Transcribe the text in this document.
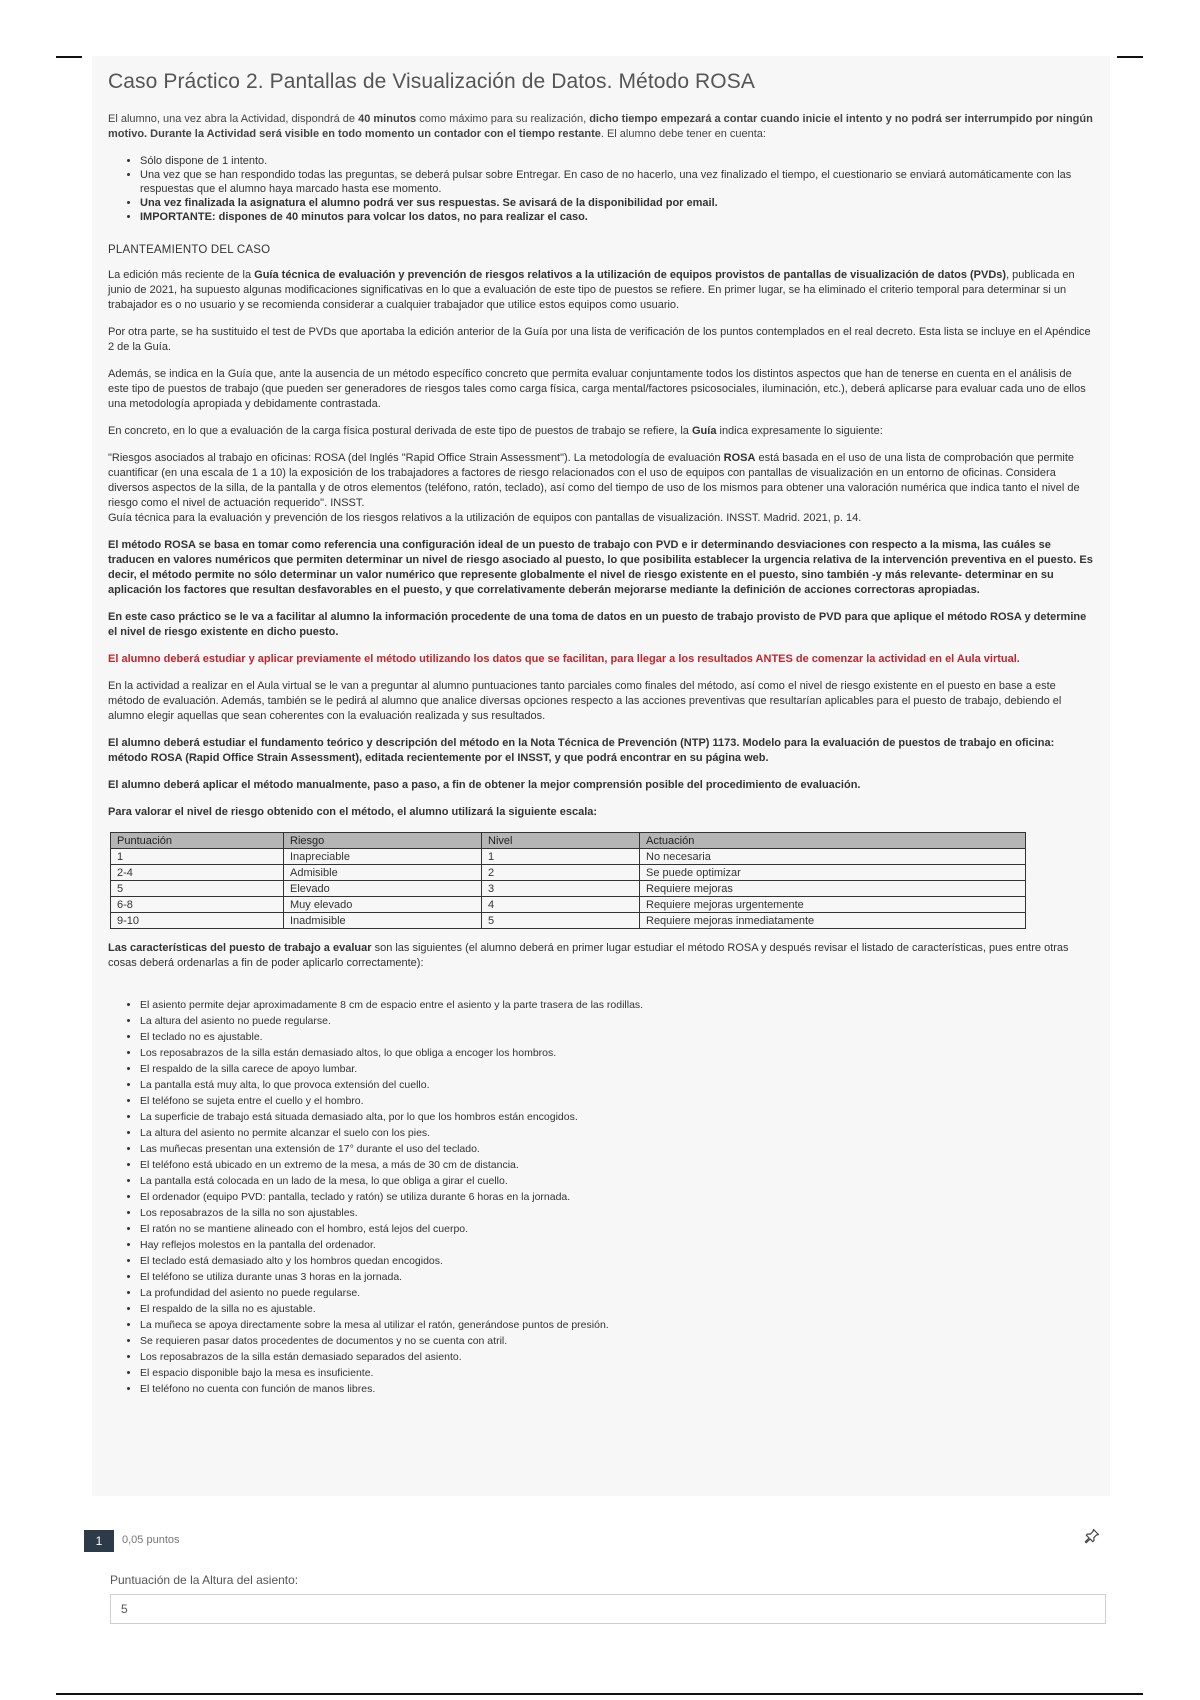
Caso Práctico 2. Pantallas de Visualización de Datos. Método ROSA

El alumno, una vez abra la Actividad, dispondrá de 40 minutos como máximo para su realización, dicho tiempo empezará a contar cuando inicie el intento y no podrá ser interrumpido por ningún motivo. Durante la Actividad será visible en todo momento un contador con el tiempo restante. El alumno debe tener en cuenta:

• Sólo dispone de 1 intento.
• Una vez que se han respondido todas las preguntas, se deberá pulsar sobre Entregar. En caso de no hacerlo, una vez finalizado el tiempo, el cuestionario se enviará automáticamente con las respuestas que el alumno haya marcado hasta ese momento.
• Una vez finalizada la asignatura el alumno podrá ver sus respuestas. Se avisará de la disponibilidad por email.
• IMPORTANTE: dispones de 40 minutos para volcar los datos, no para realizar el caso.
PLANTEAMIENTO DEL CASO

La edición más reciente de la Guía técnica de evaluación y prevención de riesgos relativos a la utilización de equipos provistos de pantallas de visualización de datos (PVDs), publicada en junio de 2021, ha supuesto algunas modificaciones significativas en lo que a evaluación de este tipo de puestos se refiere. En primer lugar, se ha eliminado el criterio temporal para determinar si un trabajador es o no usuario y se recomienda considerar a cualquier trabajador que utilice estos equipos como usuario.

Por otra parte, se ha sustituido el test de PVDs que aportaba la edición anterior de la Guía por una lista de verificación de los puntos contemplados en el real decreto. Esta lista se incluye en el Apéndice 2 de la Guía.

Además, se indica en la Guía que, ante la ausencia de un método específico concreto que permita evaluar conjuntamente todos los distintos aspectos que han de tenerse en cuenta en el análisis de este tipo de puestos de trabajo (que pueden ser generadores de riesgos tales como carga física, carga mental/factores psicosociales, iluminación, etc.), deberá aplicarse para evaluar cada uno de ellos una metodología apropiada y debidamente contrastada.

En concreto, en lo que a evaluación de la carga física postural derivada de este tipo de puestos de trabajo se refiere, la Guía indica expresamente lo siguiente:

"Riesgos asociados al trabajo en oficinas: ROSA (del Inglés "Rapid Office Strain Assessment"). La metodología de evaluación ROSA está basada en el uso de una lista de comprobación que permite cuantificar (en una escala de 1 a 10) la exposición de los trabajadores a factores de riesgo relacionados con el uso de equipos con pantallas de visualización en un entorno de oficinas. Considera diversos aspectos de la silla, de la pantalla y de otros elementos (teléfono, ratón, teclado), así como del tiempo de uso de los mismos para obtener una valoración numérica que indica tanto el nivel de riesgo como el nivel de actuación requerido". INSST.
Guía técnica para la evaluación y prevención de los riesgos relativos a la utilización de equipos con pantallas de visualización. INSST. Madrid. 2021, p. 14.

El método ROSA se basa en tomar como referencia una configuración ideal de un puesto de trabajo con PVD e ir determinando desviaciones con respecto a la misma, las cuáles se traducen en valores numéricos que permiten determinar un nivel de riesgo asociado al puesto, lo que posibilita establecer la urgencia relativa de la intervención preventiva en el puesto. Es decir, el método permite no sólo determinar un valor numérico que represente globalmente el nivel de riesgo existente en el puesto, sino también -y más relevante- determinar en su aplicación los factores que resultan desfavorables en el puesto, y que correlativamente deberán mejorarse mediante la definición de acciones correctoras apropiadas.

En este caso práctico se le va a facilitar al alumno la información procedente de una toma de datos en un puesto de trabajo provisto de PVD para que aplique el método ROSA y determine el nivel de riesgo existente en dicho puesto.

El alumno deberá estudiar y aplicar previamente el método utilizando los datos que se facilitan, para llegar a los resultados ANTES de comenzar la actividad en el Aula virtual.

En la actividad a realizar en el Aula virtual se le van a preguntar al alumno puntuaciones tanto parciales como finales del método, así como el nivel de riesgo existente en el puesto en base a este método de evaluación. Además, también se le pedirá al alumno que analice diversas opciones respecto a las acciones preventivas que resultarían aplicables para el puesto de trabajo, debiendo el alumno elegir aquellas que sean coherentes con la evaluación realizada y sus resultados.

El alumno deberá estudiar el fundamento teórico y descripción del método en la Nota Técnica de Prevención (NTP) 1173. Modelo para la evaluación de puestos de trabajo en oficina: método ROSA (Rapid Office Strain Assessment), editada recientemente por el INSST, y que podrá encontrar en su página web.

El alumno deberá aplicar el método manualmente, paso a paso, a fin de obtener la mejor comprensión posible del procedimiento de evaluación.

Para valorar el nivel de riesgo obtenido con el método, el alumno utilizará la siguiente escala:

Puntuación	Riesgo	Nivel	Actuación
1	Inapreciable	1	No necesaria
2-4	Admisible	2	Se puede optimizar
5	Elevado	3	Requiere mejoras
6-8	Muy elevado	4	Requiere mejoras urgentemente
9-10	Inadmisible	5	Requiere mejoras inmediatamente

Las características del puesto de trabajo a evaluar son las siguientes (el alumno deberá en primer lugar estudiar el método ROSA y después revisar el listado de características, pues entre otras cosas deberá ordenarlas a fin de poder aplicarlo correctamente):

• El asiento permite dejar aproximadamente 8 cm de espacio entre el asiento y la parte trasera de las rodillas.
• La altura del asiento no puede regularse.
• El teclado no es ajustable.
• Los reposabrazos de la silla están demasiado altos, lo que obliga a encoger los hombros.
• El respaldo de la silla carece de apoyo lumbar.
• La pantalla está muy alta, lo que provoca extensión del cuello.
• El teléfono se sujeta entre el cuello y el hombro.
• La superficie de trabajo está situada demasiado alta, por lo que los hombros están encogidos.
• La altura del asiento no permite alcanzar el suelo con los pies.
• Las muñecas presentan una extensión de 17° durante el uso del teclado.
• El teléfono está ubicado en un extremo de la mesa, a más de 30 cm de distancia.
• La pantalla está colocada en un lado de la mesa, lo que obliga a girar el cuello.
• El ordenador (equipo PVD: pantalla, teclado y ratón) se utiliza durante 6 horas en la jornada.
• Los reposabrazos de la silla no son ajustables.
• El ratón no se mantiene alineado con el hombro, está lejos del cuerpo.
• Hay reflejos molestos en la pantalla del ordenador.
• El teclado está demasiado alto y los hombros quedan encogidos.
• El teléfono se utiliza durante unas 3 horas en la jornada.
• La profundidad del asiento no puede regularse.
• El respaldo de la silla no es ajustable.
• La muñeca se apoya directamente sobre la mesa al utilizar el ratón, generándose puntos de presión.
• Se requieren pasar datos procedentes de documentos y no se cuenta con atril.
• Los reposabrazos de la silla están demasiado separados del asiento.
• El espacio disponible bajo la mesa es insuficiente.
• El teléfono no cuenta con función de manos libres.
1	0,05 puntos
Puntuación de la Altura del asiento:
5
